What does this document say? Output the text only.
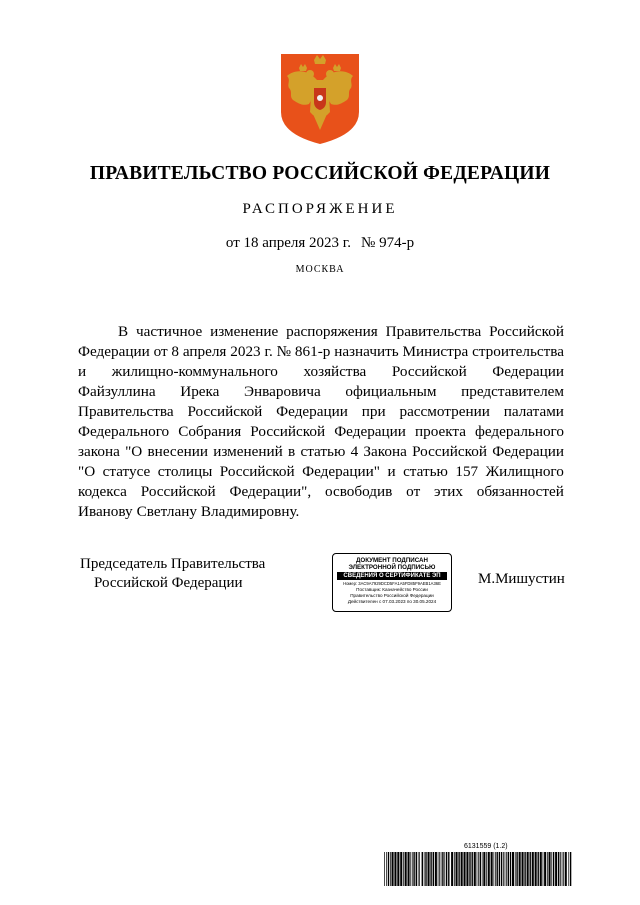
ПРАВИТЕЛЬСТВО РОССИЙСКОЙ ФЕДЕРАЦИИ
РАСПОРЯЖЕНИЕ
от 18 апреля 2023 г. № 974-р
МОСКВА
В частичное изменение распоряжения Правительства Российской
Федерации от 8 апреля 2023 г. № 861-р назначить Министра строительства
и жилищно-коммунального хозяйства Российской Федерации
Файзуллина Ирека Энваровича официальным представителем
Правительства Российской Федерации при рассмотрении палатами
Федерального Собрания Российской Федерации проекта федерального
закона "О внесении изменений в статью 4 Закона Российской Федерации
"О статусе столицы Российской Федерации" и статью 157 Жилищного
кодекса Российской Федерации", освободив от этих обязанностей
Иванову Светлану Владимировну.
Председатель Правительства
Российской Федерации
ДОКУМЕНТ ПОДПИСАН
ЭЛЕКТРОННОЙ ПОДПИСЬЮ
СВЕДЕНИЯ О СЕРТИФИКАТЕ ЭП
Номер: 3AC9A7929DCD5FA1A5FD85F9AEB1A36E
Поставщик: Казначейство России
Правительство Российской Федерации
Действителен с 07.03.2023 по 30.05.2024
М.Мишустин
6131559 (1.2)
